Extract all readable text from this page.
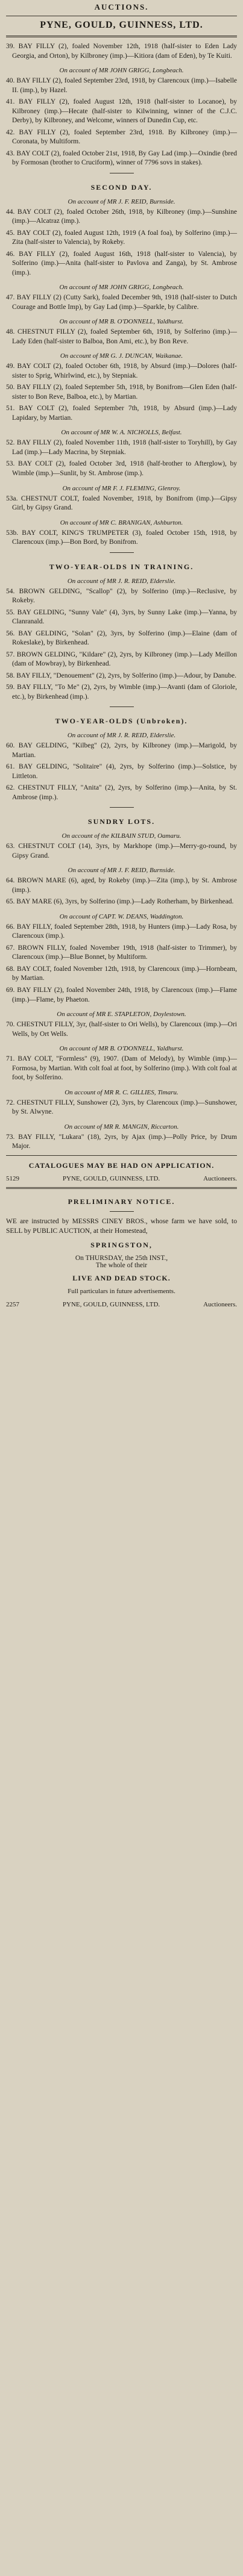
AUCTIONS.
PYNE, GOULD, GUINNESS, LTD.

39. BAY FILLY (2), foaled November 12th, 1918 (half-sister to Eden Lady Georgia, and Orton), by Kilbroney (imp.)—Kitiora (dam of Eden), by Te Kuiti.

On account of MR JOHN GRIGG, Longbeach.

40. BAY FILLY (2), foaled September 23rd, 1918, by Clarencoux (imp.)—Isabelle II. (imp.), by Hazel.

41. BAY FILLY (2), foaled August 12th, 1918 (half-sister to Locanoe), by Kilbroney (imp.)—Hecate (half-sister to Kilwinning, winner of the C.J.C. Derby), by Kilbroney, and Welcome, winners of Dunedin Cup, etc.

42. BAY FILLY (2), foaled September 23rd, 1918. By Kilbroney (imp.)—Coronata, by Multiform.

43. BAY COLT (2), foaled October 21st, 1918, By Gay Lad (imp.)—Oxindie (bred by Formosan (brother to Cruciform), winner of 7796 sovs in stakes).

SECOND DAY.
On account of MR J. F. REID, Burnside.

44. BAY COLT (2), foaled October 26th, 1918, by Kilbroney (imp.)—Sunshine (imp.)—Alcatraz (imp.).

45. BAY COLT (2), foaled August 12th, 1919 (A foal foa), by Solferino (imp.)—Zita (half-sister to Valencia), by Rokeby.

46. BAY FILLY (2), foaled August 16th, 1918 (half-sister to Valencia), by Solferino (imp.)—Anita (half-sister to Pavlova and Zanga), by St. Ambrose (imp.).

On account of MR JOHN GRIGG, Longbeach.

47. BAY FILLY (2) (Cutty Sark), foaled December 9th, 1918 (half-sister to Dutch Courage and Bottle Imp), by Gay Lad (imp.)—Sparkle, by Calibre.

On account of MR B. O'DONNELL, Yaldhurst.

48. CHESTNUT FILLY (2), foaled September 6th, 1918, by Solferino (imp.)—Lady Eden (half-sister to Balboa, Bon Ami, etc.), by Bon Reve.

On account of MR G. J. DUNCAN, Waikanae.

49. BAY COLT (2), foaled October 6th, 1918, by Absurd (imp.)—Dolores (half-sister to Sprig, Whirlwind, etc.), by Stepniak.

50. BAY FILLY (2), foaled September 5th, 1918, by Bonifrom—Glen Eden (half-sister to Bon Reve, Balboa, etc.), by Martian.

51. BAY COLT (2), foaled September 7th, 1918, by Absurd (imp.)—Lady Lapidary, by Martian.

On account of MR W. A. NICHOLLS, Belfast.

52. BAY FILLY (2), foaled November 11th, 1918 (half-sister to Toryhill), by Gay Lad (imp.)—Lady Macrina, by Stepniak.

53. BAY COLT (2), foaled October 3rd, 1918 (half-brother to Afterglow), by Wimble (imp.)—Sunlit, by St. Ambrose (imp.).

On account of MR F. J. FLEMING, Glenroy.

53a. CHESTNUT COLT, foaled November, 1918, by Bonifrom (imp.)—Gipsy Girl, by Gipsy Grand.

On account of MR C. BRANIGAN, Ashburton.

53b. BAY COLT, KING'S TRUMPETER (3), foaled October 15th, 1918, by Clarencoux (imp.)—Bon Bord, by Bonifrom.

TWO-YEAR-OLDS IN TRAINING.
On account of MR J. R. REID, Elderslie.

54. BROWN GELDING, "Scallop" (2), by Solferino (imp.)—Reclusive, by Rokeby.

55. BAY GELDING, "Sunny Vale" (4), 3yrs, by Sunny Lake (imp.)—Yanna, by Clanranald.

56. BAY GELDING, "Solan" (2), 3yrs, by Solferino (imp.)—Elaine (dam of Rokeslake), by Birkenhead.

57. BROWN GELDING, "Kildare" (2), 2yrs, by Kilbroney (imp.)—Lady Meillon (dam of Mowbray), by Birkenhead.

58. BAY FILLY, "Denouement" (2), 2yrs, by Solferino (imp.)—Adour, by Danube.

59. BAY FILLY, "To Me" (2), 2yrs, by Wimble (imp.)—Avanti (dam of Gloriole, etc.), by Birkenhead (imp.).

TWO-YEAR-OLDS (Unbroken).
On account of MR J. R. REID, Elderslie.

60. BAY GELDING, "Kilbeg" (2), 2yrs, by Kilbroney (imp.)—Marigold, by Martian.

61. BAY GELDING, "Solitaire" (4), 2yrs, by Solferino (imp.)—Solstice, by Littleton.

62. CHESTNUT FILLY, "Anita" (2), 2yrs, by Solferino (imp.)—Anita, by St. Ambrose (imp.).

SUNDRY LOTS.
On account of the KILBAIN STUD, Oamaru.

63. CHESTNUT COLT (14), 3yrs, by Markhope (imp.)—Merry-go-round, by Gipsy Grand.

On account of MR J. F. REID, Burnside.

64. BROWN MARE (6), aged, by Rokeby (imp.)—Zita (imp.), by St. Ambrose (imp.).

65. BAY MARE (6), 3yrs, by Solferino (imp.)—Lady Rotherham, by Birkenhead.

On account of CAPT. W. DEANS, Waddington.

66. BAY FILLY, foaled September 28th, 1918, by Hunters (imp.)—Lady Rosa, by Clarencoux (imp.).

67. BROWN FILLY, foaled November 19th, 1918 (half-sister to Trimmer), by Clarencoux (imp.)—Blue Bonnet, by Multiform.

68. BAY COLT, foaled November 12th, 1918, by Clarencoux (imp.)—Hornbeam, by Martian.

69. BAY FILLY (2), foaled November 24th, 1918, by Clarencoux (imp.)—Flame (imp.)—Flame, by Phaeton.

On account of MR E. STAPLETON, Doylestown.

70. CHESTNUT FILLY, 3yr, (half-sister to Ori Wells), by Clarencoux (imp.)—Ori Wells, by Ort Wells.

On account of MR B. O'DONNELL, Yaldhurst.

71. BAY COLT, "Formless" (9), 1907. (Dam of Melody), by Wimble (imp.)—Formosa, by Martian. With colt foal at foot, by Solferino (imp.). With colt foal at foot, by Solferino.

On account of MR R. C. GILLIES, Timaru.

72. CHESTNUT FILLY, Sunshower (2), 3yrs, by Clarencoux (imp.)—Sunshower, by St. Alwyne.

On account of MR R. MANGIN, Riccarton.

73. BAY FILLY, "Lukara" (18), 2yrs, by Ajax (imp.)—Polly Price, by Drum Major.

CATALOGUES MAY BE HAD ON APPLICATION.
5129	PYNE, GOULD, GUINNESS, LTD.	Auctioneers.
PRELIMINARY NOTICE.
WE are instructed by MESSRS CINEY BROS., whose farm we have sold, to SELL by PUBLIC AUCTION, at their Homestead,
SPRINGSTON,
On THURSDAY, the 25th INST.,
The whole of their
LIVE AND DEAD STOCK.
Full particulars in future advertisements.
2257	PYNE, GOULD, GUINNESS, LTD.	Auctioneers.
